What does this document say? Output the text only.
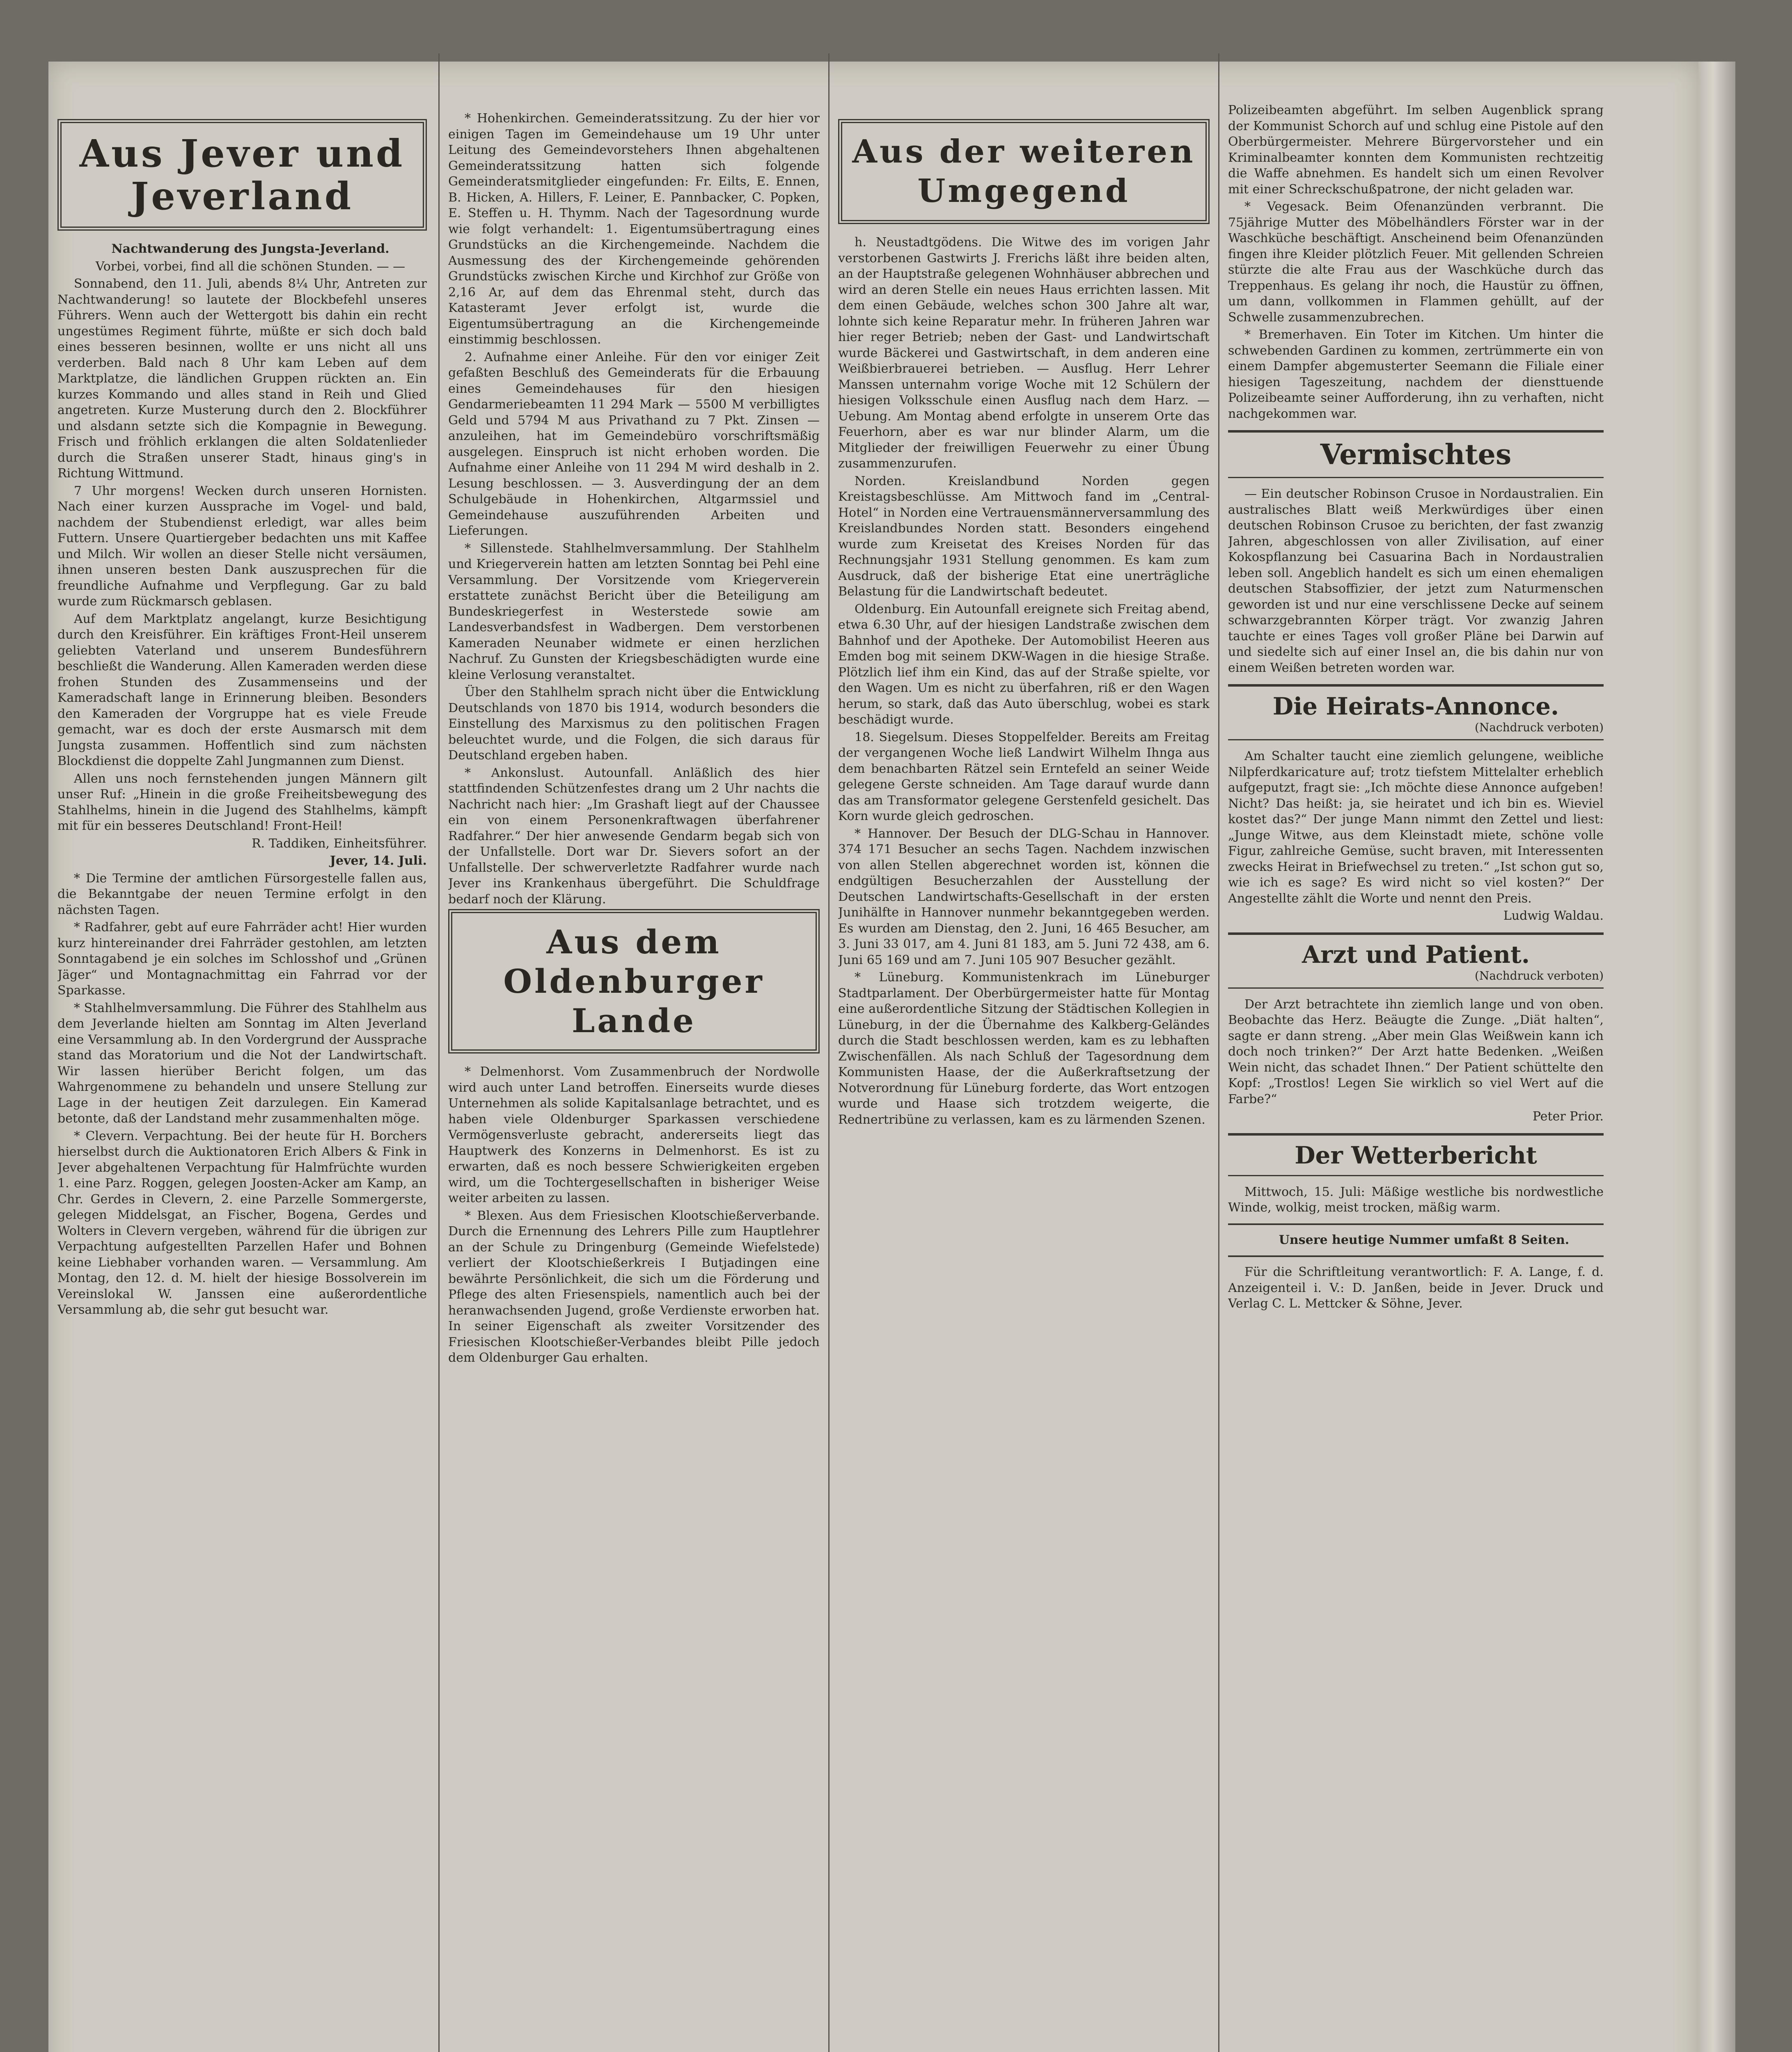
Aus Jever und Jeverland

Nachtwanderung des Jungsta-Jeverland.

Vorbei, vorbei, find all die schönen Stunden. — —

Sonnabend, den 11. Juli, abends 8¼ Uhr, Antreten zur Nachtwanderung! so lautete der Blockbefehl unseres Führers. Wenn auch der Wettergott bis dahin ein recht ungestümes Regiment führte, müßte er sich doch bald eines besseren besinnen, wollte er uns nicht all uns verderben. Bald nach 8 Uhr kam Leben auf dem Marktplatze, die ländlichen Gruppen rückten an. Ein kurzes Kommando und alles stand in Reih und Glied angetreten. Kurze Musterung durch den 2. Blockführer und alsdann setzte sich die Kompagnie in Bewegung. Frisch und fröhlich erklangen die alten Soldatenlieder durch die Straßen unserer Stadt, hinaus ging's in Richtung Wittmund.

7 Uhr morgens! Wecken durch unseren Hornisten. Nach einer kurzen Aussprache im Vogel- und bald, nachdem der Stubendienst erledigt, war alles beim Futtern. Unsere Quartiergeber bedachten uns mit Kaffee und Milch. Wir wollen an dieser Stelle nicht versäumen, ihnen unseren besten Dank auszusprechen für die freundliche Aufnahme und Verpflegung. Gar zu bald wurde zum Rückmarsch geblasen.

Auf dem Marktplatz angelangt, kurze Besichtigung durch den Kreisführer. Ein kräftiges Front-Heil unserem geliebten Vaterland und unserem Bundesführern beschließt die Wanderung. Allen Kameraden werden diese frohen Stunden des Zusammenseins und der Kameradschaft lange in Erinnerung bleiben. Besonders den Kameraden der Vorgruppe hat es viele Freude gemacht, war es doch der erste Ausmarsch mit dem Jungsta zusammen. Hoffentlich sind zum nächsten Blockdienst die doppelte Zahl Jungmannen zum Dienst.

Allen uns noch fernstehenden jungen Männern gilt unser Ruf: „Hinein in die große Freiheitsbewegung des Stahlhelms, hinein in die Jugend des Stahlhelms, kämpft mit für ein besseres Deutschland! Front-Heil!

R. Taddiken, Einheitsführer.

Jever, 14. Juli.

* Die Termine der amtlichen Fürsorgestelle fallen aus, die Bekanntgabe der neuen Termine erfolgt in den nächsten Tagen.

* Radfahrer, gebt auf eure Fahrräder acht! Hier wurden kurz hintereinander drei Fahrräder gestohlen, am letzten Sonntagabend je ein solches im Schlosshof und „Grünen Jäger“ und Montagnachmittag ein Fahrrad vor der Sparkasse.

* Stahlhelmversammlung. Die Führer des Stahlhelm aus dem Jeverlande hielten am Sonntag im Alten Jeverland eine Versammlung ab. In den Vordergrund der Aussprache stand das Moratorium und die Not der Landwirtschaft. Wir lassen hierüber Bericht folgen, um das Wahrgenommene zu behandeln und unsere Stellung zur Lage in der heutigen Zeit darzulegen. Ein Kamerad betonte, daß der Landstand mehr zusammenhalten möge.

* Clevern. Verpachtung. Bei der heute für H. Borchers hierselbst durch die Auktionatoren Erich Albers & Fink in Jever abgehaltenen Verpachtung für Halmfrüchte wurden 1. eine Parz. Roggen, gelegen Joosten-Acker am Kamp, an Chr. Gerdes in Clevern, 2. eine Parzelle Sommergerste, gelegen Middelsgat, an Fischer, Bogena, Gerdes und Wolters in Clevern vergeben, während für die übrigen zur Verpachtung aufgestellten Parzellen Hafer und Bohnen keine Liebhaber vorhanden waren. — Versammlung. Am Montag, den 12. d. M. hielt der hiesige Bossolverein im Vereinslokal W. Janssen eine außerordentliche Versammlung ab, die sehr gut besucht war.

* Hohenkirchen. Gemeinderatssitzung. Zu der hier vor einigen Tagen im Gemeindehause um 19 Uhr unter Leitung des Gemeindevorstehers Ihnen abgehaltenen Gemeinderatssitzung hatten sich folgende Gemeinderatsmitglieder eingefunden: Fr. Eilts, E. Ennen, B. Hicken, A. Hillers, F. Leiner, E. Pannbacker, C. Popken, E. Steffen u. H. Thymm. Nach der Tagesordnung wurde wie folgt verhandelt: 1. Eigentumsübertragung eines Grundstücks an die Kirchengemeinde. Nachdem die Ausmessung des der Kirchengemeinde gehörenden Grundstücks zwischen Kirche und Kirchhof zur Größe von 2,16 Ar, auf dem das Ehrenmal steht, durch das Katasteramt Jever erfolgt ist, wurde die Eigentumsübertragung an die Kirchengemeinde einstimmig beschlossen.

2. Aufnahme einer Anleihe. Für den vor einiger Zeit gefaßten Beschluß des Gemeinderats für die Erbauung eines Gemeindehauses für den hiesigen Gendarmeriebeamten 11 294 Mark — 5500 M verbilligtes Geld und 5794 M aus Privathand zu 7 Pkt. Zinsen — anzuleihen, hat im Gemeindebüro vorschriftsmäßig ausgelegen. Einspruch ist nicht erhoben worden. Die Aufnahme einer Anleihe von 11 294 M wird deshalb in 2. Lesung beschlossen. — 3. Ausverdingung der an dem Schulgebäude in Hohenkirchen, Altgarmssiel und Gemeindehause auszuführenden Arbeiten und Lieferungen.

* Sillenstede. Stahlhelmversammlung. Der Stahlhelm und Kriegerverein hatten am letzten Sonntag bei Pehl eine Versammlung. Der Vorsitzende vom Kriegerverein erstattete zunächst Bericht über die Beteiligung am Bundeskriegerfest in Westerstede sowie am Landesverbandsfest in Wadbergen. Dem verstorbenen Kameraden Neunaber widmete er einen herzlichen Nachruf. Zu Gunsten der Kriegsbeschädigten wurde eine kleine Verlosung veranstaltet.

Über den Stahlhelm sprach nicht über die Entwicklung Deutschlands von 1870 bis 1914, wodurch besonders die Einstellung des Marxismus zu den politischen Fragen beleuchtet wurde, und die Folgen, die sich daraus für Deutschland ergeben haben.

* Ankonslust. Autounfall. Anläßlich des hier stattfindenden Schützenfestes drang um 2 Uhr nachts die Nachricht nach hier: „Im Grashaft liegt auf der Chaussee ein von einem Personenkraftwagen überfahrener Radfahrer.“ Der hier anwesende Gendarm begab sich von der Unfallstelle. Dort war Dr. Sievers sofort an der Unfallstelle. Der schwerverletzte Radfahrer wurde nach Jever ins Krankenhaus übergeführt. Die Schuldfrage bedarf noch der Klärung.

Aus dem Oldenburger Lande

* Delmenhorst. Vom Zusammenbruch der Nordwolle wird auch unter Land betroffen. Einerseits wurde dieses Unternehmen als solide Kapitalsanlage betrachtet, und es haben viele Oldenburger Sparkassen verschiedene Vermögensverluste gebracht, andererseits liegt das Hauptwerk des Konzerns in Delmenhorst. Es ist zu erwarten, daß es noch bessere Schwierigkeiten ergeben wird, um die Tochtergesellschaften in bisheriger Weise weiter arbeiten zu lassen.

* Blexen. Aus dem Friesischen Klootschießerverbande. Durch die Ernennung des Lehrers Pille zum Hauptlehrer an der Schule zu Dringenburg (Gemeinde Wiefelstede) verliert der Klootschießerkreis I Butjadingen eine bewährte Persönlichkeit, die sich um die Förderung und Pflege des alten Friesenspiels, namentlich auch bei der heranwachsenden Jugend, große Verdienste erworben hat. In seiner Eigenschaft als zweiter Vorsitzender des Friesischen Klootschießer-Verbandes bleibt Pille jedoch dem Oldenburger Gau erhalten.

Aus der weiteren Umgegend

h. Neustadtgödens. Die Witwe des im vorigen Jahr verstorbenen Gastwirts J. Frerichs läßt ihre beiden alten, an der Hauptstraße gelegenen Wohnhäuser abbrechen und wird an deren Stelle ein neues Haus errichten lassen. Mit dem einen Gebäude, welches schon 300 Jahre alt war, lohnte sich keine Reparatur mehr. In früheren Jahren war hier reger Betrieb; neben der Gast- und Landwirtschaft wurde Bäckerei und Gastwirtschaft, in dem anderen eine Weißbierbrauerei betrieben. — Ausflug. Herr Lehrer Manssen unternahm vorige Woche mit 12 Schülern der hiesigen Volksschule einen Ausflug nach dem Harz. — Uebung. Am Montag abend erfolgte in unserem Orte das Feuerhorn, aber es war nur blinder Alarm, um die Mitglieder der freiwilligen Feuerwehr zu einer Übung zusammenzurufen.

Norden. Kreislandbund Norden gegen Kreistagsbeschlüsse. Am Mittwoch fand im „Central-Hotel“ in Norden eine Vertrauensmännerversammlung des Kreislandbundes Norden statt. Besonders eingehend wurde zum Kreisetat des Kreises Norden für das Rechnungsjahr 1931 Stellung genommen. Es kam zum Ausdruck, daß der bisherige Etat eine unerträgliche Belastung für die Landwirtschaft bedeutet.

Oldenburg. Ein Autounfall ereignete sich Freitag abend, etwa 6.30 Uhr, auf der hiesigen Landstraße zwischen dem Bahnhof und der Apotheke. Der Automobilist Heeren aus Emden bog mit seinem DKW-Wagen in die hiesige Straße. Plötzlich lief ihm ein Kind, das auf der Straße spielte, vor den Wagen. Um es nicht zu überfahren, riß er den Wagen herum, so stark, daß das Auto überschlug, wobei es stark beschädigt wurde.

18. Siegelsum. Dieses Stoppelfelder. Bereits am Freitag der vergangenen Woche ließ Landwirt Wilhelm Ihnga aus dem benachbarten Rätzel sein Erntefeld an seiner Weide gelegene Gerste schneiden. Am Tage darauf wurde dann das am Transformator gelegene Gerstenfeld gesichelt. Das Korn wurde gleich gedroschen.

* Hannover. Der Besuch der DLG-Schau in Hannover. 374 171 Besucher an sechs Tagen. Nachdem inzwischen von allen Stellen abgerechnet worden ist, können die endgültigen Besucherzahlen der Ausstellung der Deutschen Landwirtschafts-Gesellschaft in der ersten Junihälfte in Hannover nunmehr bekanntgegeben werden. Es wurden am Dienstag, den 2. Juni, 16 465 Besucher, am 3. Juni 33 017, am 4. Juni 81 183, am 5. Juni 72 438, am 6. Juni 65 169 und am 7. Juni 105 907 Besucher gezählt.

* Lüneburg. Kommunistenkrach im Lüneburger Stadtparlament. Der Oberbürgermeister hatte für Montag eine außerordentliche Sitzung der Städtischen Kollegien in Lüneburg, in der die Übernahme des Kalkberg-Geländes durch die Stadt beschlossen werden, kam es zu lebhaften Zwischenfällen. Als nach Schluß der Tagesordnung dem Kommunisten Haase, der die Außerkraftsetzung der Notverordnung für Lüneburg forderte, das Wort entzogen wurde und Haase sich trotzdem weigerte, die Rednertribüne zu verlassen, kam es zu lärmenden Szenen.

Polizeibeamten abgeführt. Im selben Augenblick sprang der Kommunist Schorch auf und schlug eine Pistole auf den Oberbürgermeister. Mehrere Bürgervorsteher und ein Kriminalbeamter konnten dem Kommunisten rechtzeitig die Waffe abnehmen. Es handelt sich um einen Revolver mit einer Schreckschußpatrone, der nicht geladen war.

* Vegesack. Beim Ofenanzünden verbrannt. Die 75jährige Mutter des Möbelhändlers Förster war in der Waschküche beschäftigt. Anscheinend beim Ofenanzünden fingen ihre Kleider plötzlich Feuer. Mit gellenden Schreien stürzte die alte Frau aus der Waschküche durch das Treppenhaus. Es gelang ihr noch, die Haustür zu öffnen, um dann, vollkommen in Flammen gehüllt, auf der Schwelle zusammenzubrechen.

* Bremerhaven. Ein Toter im Kitchen. Um hinter die schwebenden Gardinen zu kommen, zertrümmerte ein von einem Dampfer abgemusterter Seemann die Filiale einer hiesigen Tageszeitung, nachdem der diensttuende Polizeibeamte seiner Aufforderung, ihn zu verhaften, nicht nachgekommen war.

Vermischtes

— Ein deutscher Robinson Crusoe in Nordaustralien. Ein australisches Blatt weiß Merkwürdiges über einen deutschen Robinson Crusoe zu berichten, der fast zwanzig Jahren, abgeschlossen von aller Zivilisation, auf einer Kokospflanzung bei Casuarina Bach in Nordaustralien leben soll. Angeblich handelt es sich um einen ehemaligen deutschen Stabsoffizier, der jetzt zum Naturmenschen geworden ist und nur eine verschlissene Decke auf seinem schwarzgebrannten Körper trägt. Vor zwanzig Jahren tauchte er eines Tages voll großer Pläne bei Darwin auf und siedelte sich auf einer Insel an, die bis dahin nur von einem Weißen betreten worden war.

Die Heirats-Annonce.
(Nachdruck verboten)

Am Schalter taucht eine ziemlich gelungene, weibliche Nilpferdkaricature auf; trotz tiefstem Mittelalter erheblich aufgeputzt, fragt sie: „Ich möchte diese Annonce aufgeben! Nicht? Das heißt: ja, sie heiratet und ich bin es. Wieviel kostet das?“ Der junge Mann nimmt den Zettel und liest: „Junge Witwe, aus dem Kleinstadt miete, schöne volle Figur, zahlreiche Gemüse, sucht braven, mit Interessenten zwecks Heirat in Briefwechsel zu treten.“ „Ist schon gut so, wie ich es sage? Es wird nicht so viel kosten?“ Der Angestellte zählt die Worte und nennt den Preis.

Ludwig Waldau.

Arzt und Patient.
(Nachdruck verboten)

Der Arzt betrachtete ihn ziemlich lange und von oben. Beobachte das Herz. Beäugte die Zunge. „Diät halten“, sagte er dann streng. „Aber mein Glas Weißwein kann ich doch noch trinken?“ Der Arzt hatte Bedenken. „Weißen Wein nicht, das schadet Ihnen.“ Der Patient schüttelte den Kopf: „Trostlos! Legen Sie wirklich so viel Wert auf die Farbe?“

Peter Prior.

Der Wetterbericht

Mittwoch, 15. Juli: Mäßige westliche bis nordwestliche Winde, wolkig, meist trocken, mäßig warm.

Unsere heutige Nummer umfaßt 8 Seiten.

Für die Schriftleitung verantwortlich: F. A. Lange, f. d. Anzeigenteil i. V.: D. Janßen, beide in Jever. Druck und Verlag C. L. Mettcker & Söhne, Jever.
